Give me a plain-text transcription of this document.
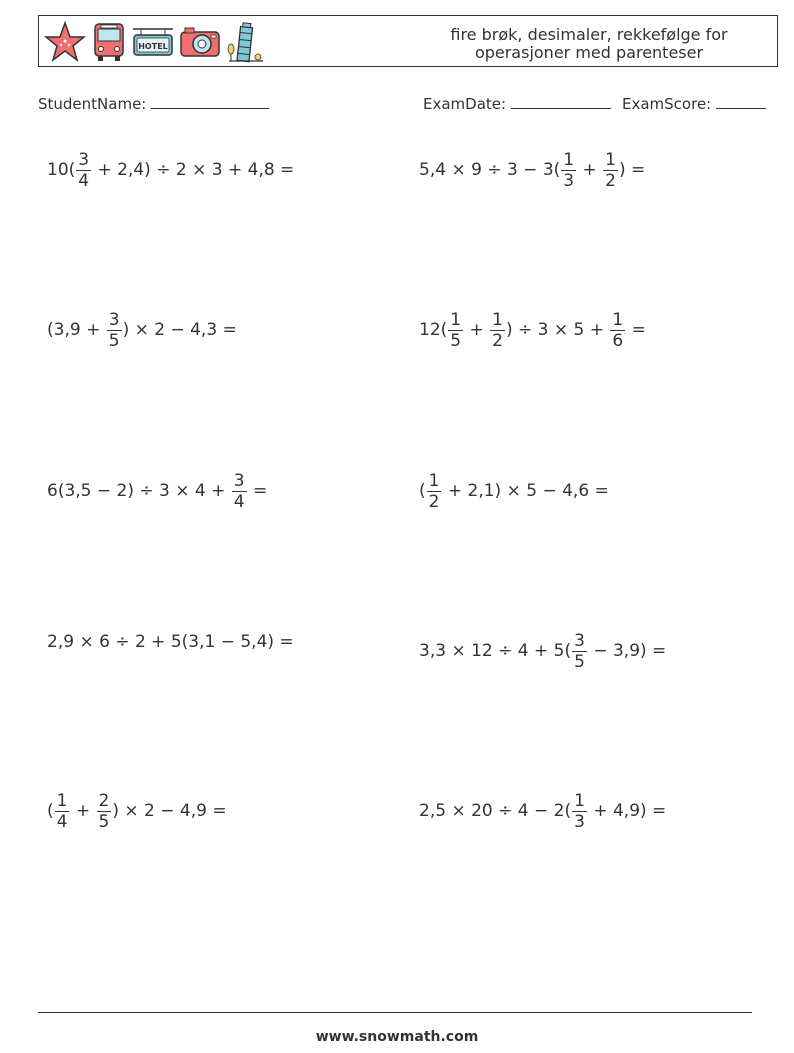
HOTEL
fire brøk, desimaler, rekkefølge for
operasjoner med parenteser
StudentName:	ExamDate:	ExamScore:
$10( \frac{3}{4} + 2,4) \div 2 \times 3 + 4,8$ =	$5,4 \times 9 \div 3 - 3( \frac{1}{3} + \frac{1}{2}$ ) =
($3,9 + \frac{3}{5}$ ) × 2 − 4,3 =	$12( \frac{1}{5} + \frac{1}{2}$ ) ÷ $3 \times 5 + \frac{1}{6}$ =
$6(3,5 - 2) \div 3 \times 4 + \frac{3}{4}$ =	( $\frac{1}{2} + 2,1) \times 5 - 4,6$ =
2,9 × 6 ÷ 2 + 5(3,1 − 5,4) =	$3,3 \times 12 \div 4 + 5( \frac{3}{5} - 3,9)$ =
( $\frac{1}{4} + \frac{2}{5}$ ) × 2 − 4,9 =	$2,5 \times 20 \div 4 - 2( \frac{1}{3} + 4,9)$ =
www.snowmath.com
